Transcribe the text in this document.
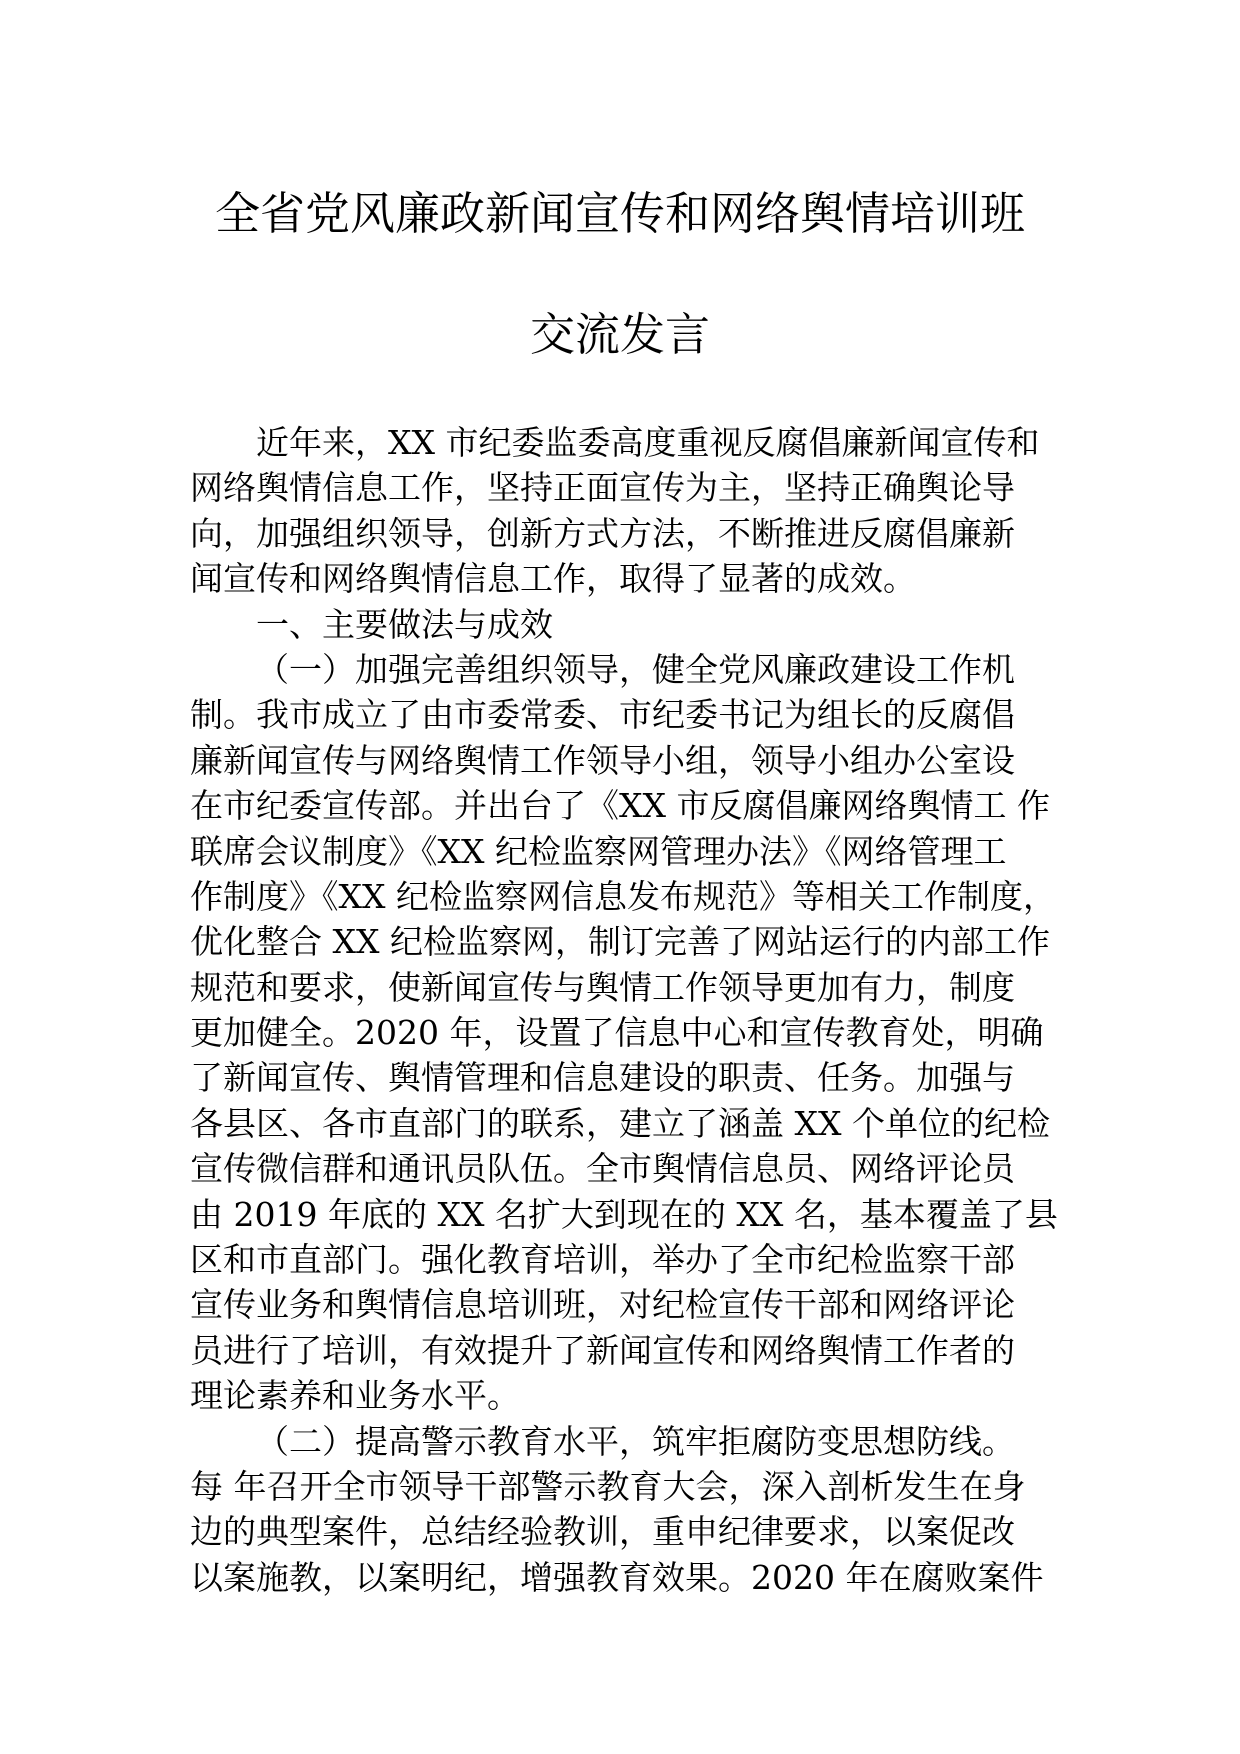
全省党风廉政新闻宣传和网络舆情培训班
交流发言
近年来，XX 市纪委监委高度重视反腐倡廉新闻宣传和
网络舆情信息工作，坚持正面宣传为主，坚持正确舆论导
向，加强组织领导，创新方式方法，不断推进反腐倡廉新
闻宣传和网络舆情信息工作，取得了显著的成效。
一、主要做法与成效
（一）加强完善组织领导，健全党风廉政建设工作机
制。我市成立了由市委常委、市纪委书记为组长的反腐倡
廉新闻宣传与网络舆情工作领导小组，领导小组办公室设
在市纪委宣传部。并出台了《XX 市反腐倡廉网络舆情工 作
联席会议制度》《XX 纪检监察网管理办法》《网络管理工
作制度》《XX 纪检监察网信息发布规范》等相关工作制度，
优化整合 XX 纪检监察网，制订完善了网站运行的内部工作
规范和要求，使新闻宣传与舆情工作领导更加有力，制度
更加健全。2020 年，设置了信息中心和宣传教育处，明确
了新闻宣传、舆情管理和信息建设的职责、任务。加强与
各县区、各市直部门的联系，建立了涵盖 XX 个单位的纪检
宣传微信群和通讯员队伍。全市舆情信息员、网络评论员
由 2019 年底的 XX 名扩大到现在的 XX 名，基本覆盖了县
区和市直部门。强化教育培训，举办了全市纪检监察干部
宣传业务和舆情信息培训班，对纪检宣传干部和网络评论
员进行了培训，有效提升了新闻宣传和网络舆情工作者的
理论素养和业务水平。
（二）提高警示教育水平，筑牢拒腐防变思想防线。
每 年召开全市领导干部警示教育大会，深入剖析发生在身
边的典型案件，总结经验教训，重申纪律要求，以案促改
以案施教，以案明纪，增强教育效果。2020 年在腐败案件
